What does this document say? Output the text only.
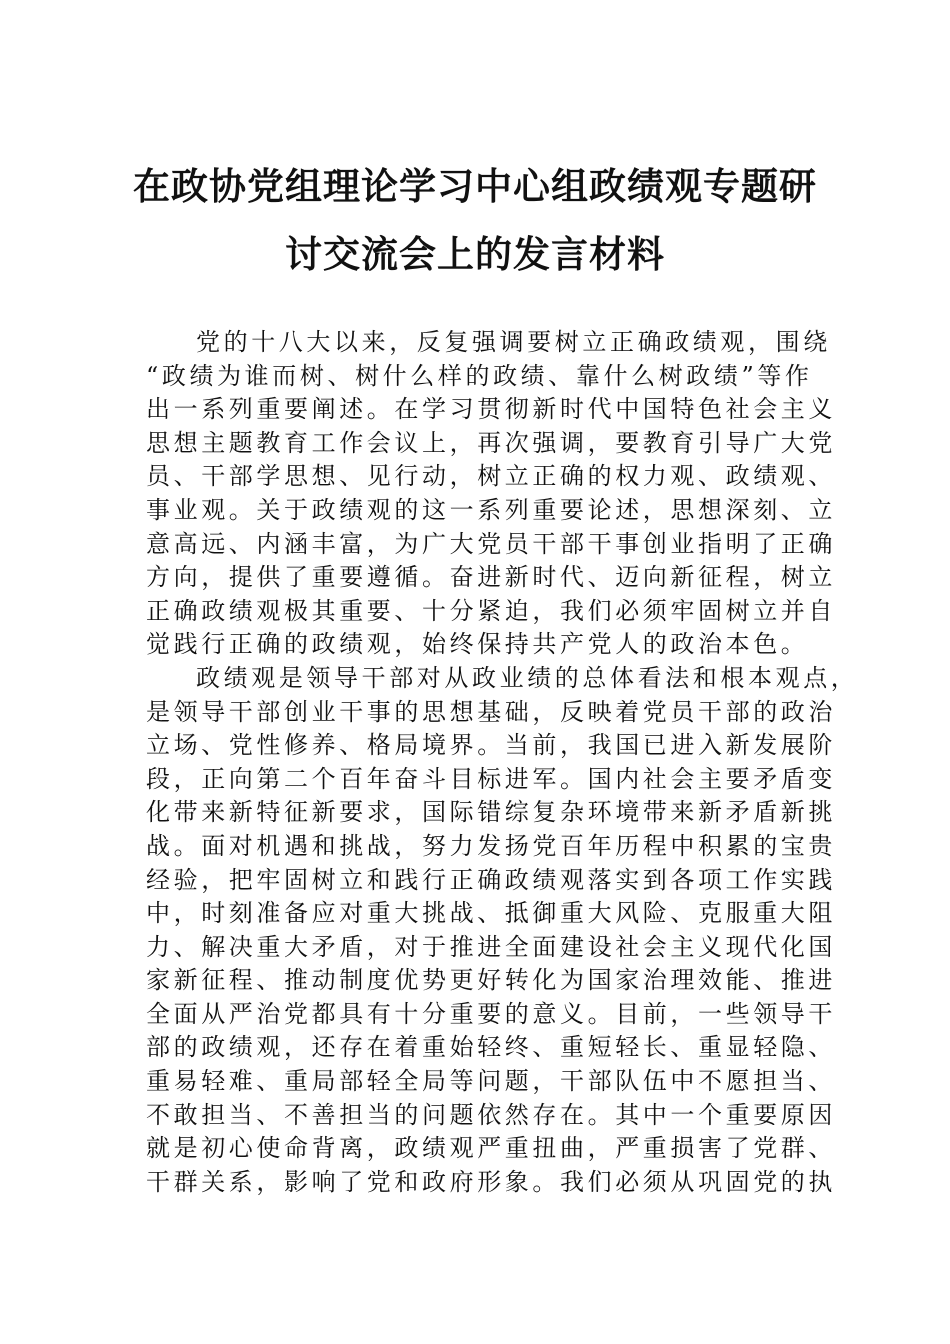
在政协党组理论学习中心组政绩观专题研
讨交流会上的发言材料
党的十八大以来，反复强调要树立正确政绩观，围绕
“政绩为谁而树、树什么样的政绩、靠什么树政绩”等作
出一系列重要阐述。在学习贯彻新时代中国特色社会主义
思想主题教育工作会议上，再次强调，要教育引导广大党
员、干部学思想、见行动，树立正确的权力观、政绩观、
事业观。关于政绩观的这一系列重要论述，思想深刻、立
意高远、内涵丰富，为广大党员干部干事创业指明了正确
方向，提供了重要遵循。奋进新时代、迈向新征程，树立
正确政绩观极其重要、十分紧迫，我们必须牢固树立并自
觉践行正确的政绩观，始终保持共产党人的政治本色。
政绩观是领导干部对从政业绩的总体看法和根本观点，
是领导干部创业干事的思想基础，反映着党员干部的政治
立场、党性修养、格局境界。当前，我国已进入新发展阶
段，正向第二个百年奋斗目标进军。国内社会主要矛盾变
化带来新特征新要求，国际错综复杂环境带来新矛盾新挑
战。面对机遇和挑战，努力发扬党百年历程中积累的宝贵
经验，把牢固树立和践行正确政绩观落实到各项工作实践
中，时刻准备应对重大挑战、抵御重大风险、克服重大阻
力、解决重大矛盾，对于推进全面建设社会主义现代化国
家新征程、推动制度优势更好转化为国家治理效能、推进
全面从严治党都具有十分重要的意义。目前，一些领导干
部的政绩观，还存在着重始轻终、重短轻长、重显轻隐、
重易轻难、重局部轻全局等问题，干部队伍中不愿担当、
不敢担当、不善担当的问题依然存在。其中一个重要原因
就是初心使命背离，政绩观严重扭曲，严重损害了党群、
干群关系，影响了党和政府形象。我们必须从巩固党的执
